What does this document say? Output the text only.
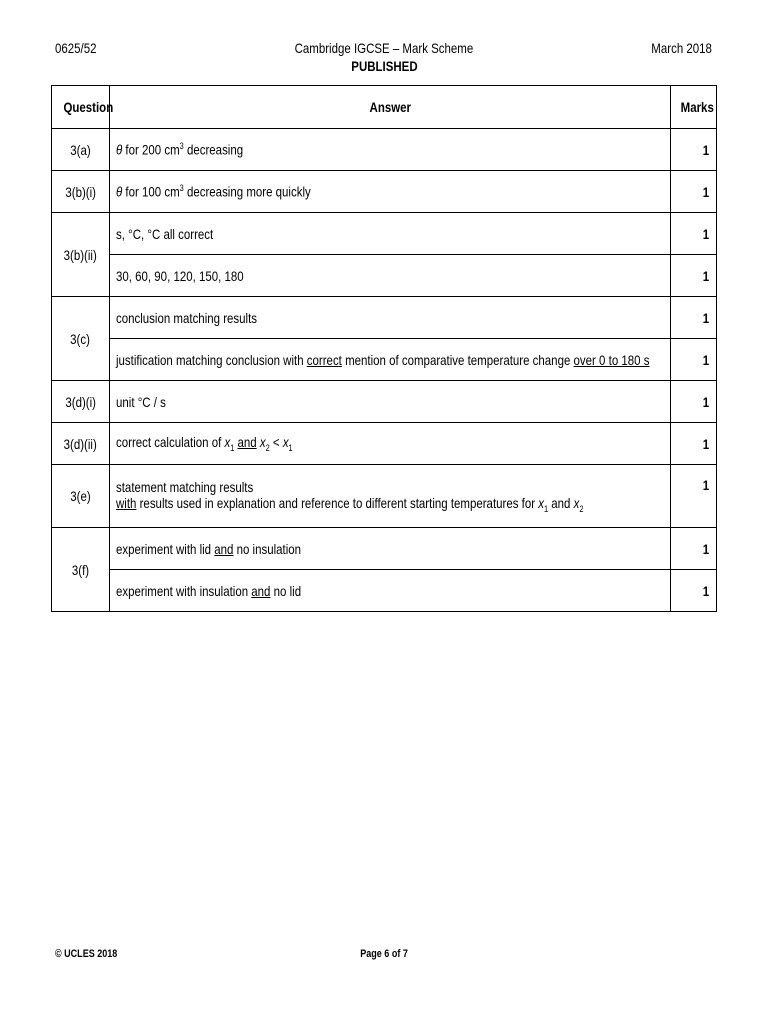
0625/52	Cambridge IGCSE – Mark Scheme
PUBLISHED
March 2018
Question	Answer	Marks
3(a)	θ for 200 $cm^3$ decreasing	1
3(b)(i)	θ for 100 $cm^3$ decreasing more quickly	1
3(b)(ii)	s, °C, °C all correct	1
	30, 60, 90, 120, 150, 180	1
3(c)	conclusion matching results	1
	justification matching conclusion with correct mention of comparative temperature change over 0 to 180 s	1
3(d)(i)	unit °C / s	1
3(d)(ii)	correct calculation of $x_1$ and $x_2 < x_1$	1
3(e)	statement matching results
with results used in explanation and reference to different starting temperatures for $x_1$ and $x_2$	1
3(f)	experiment with lid and no insulation	1
	experiment with insulation and no lid	1
© UCLES 2018	Page 6 of 7
